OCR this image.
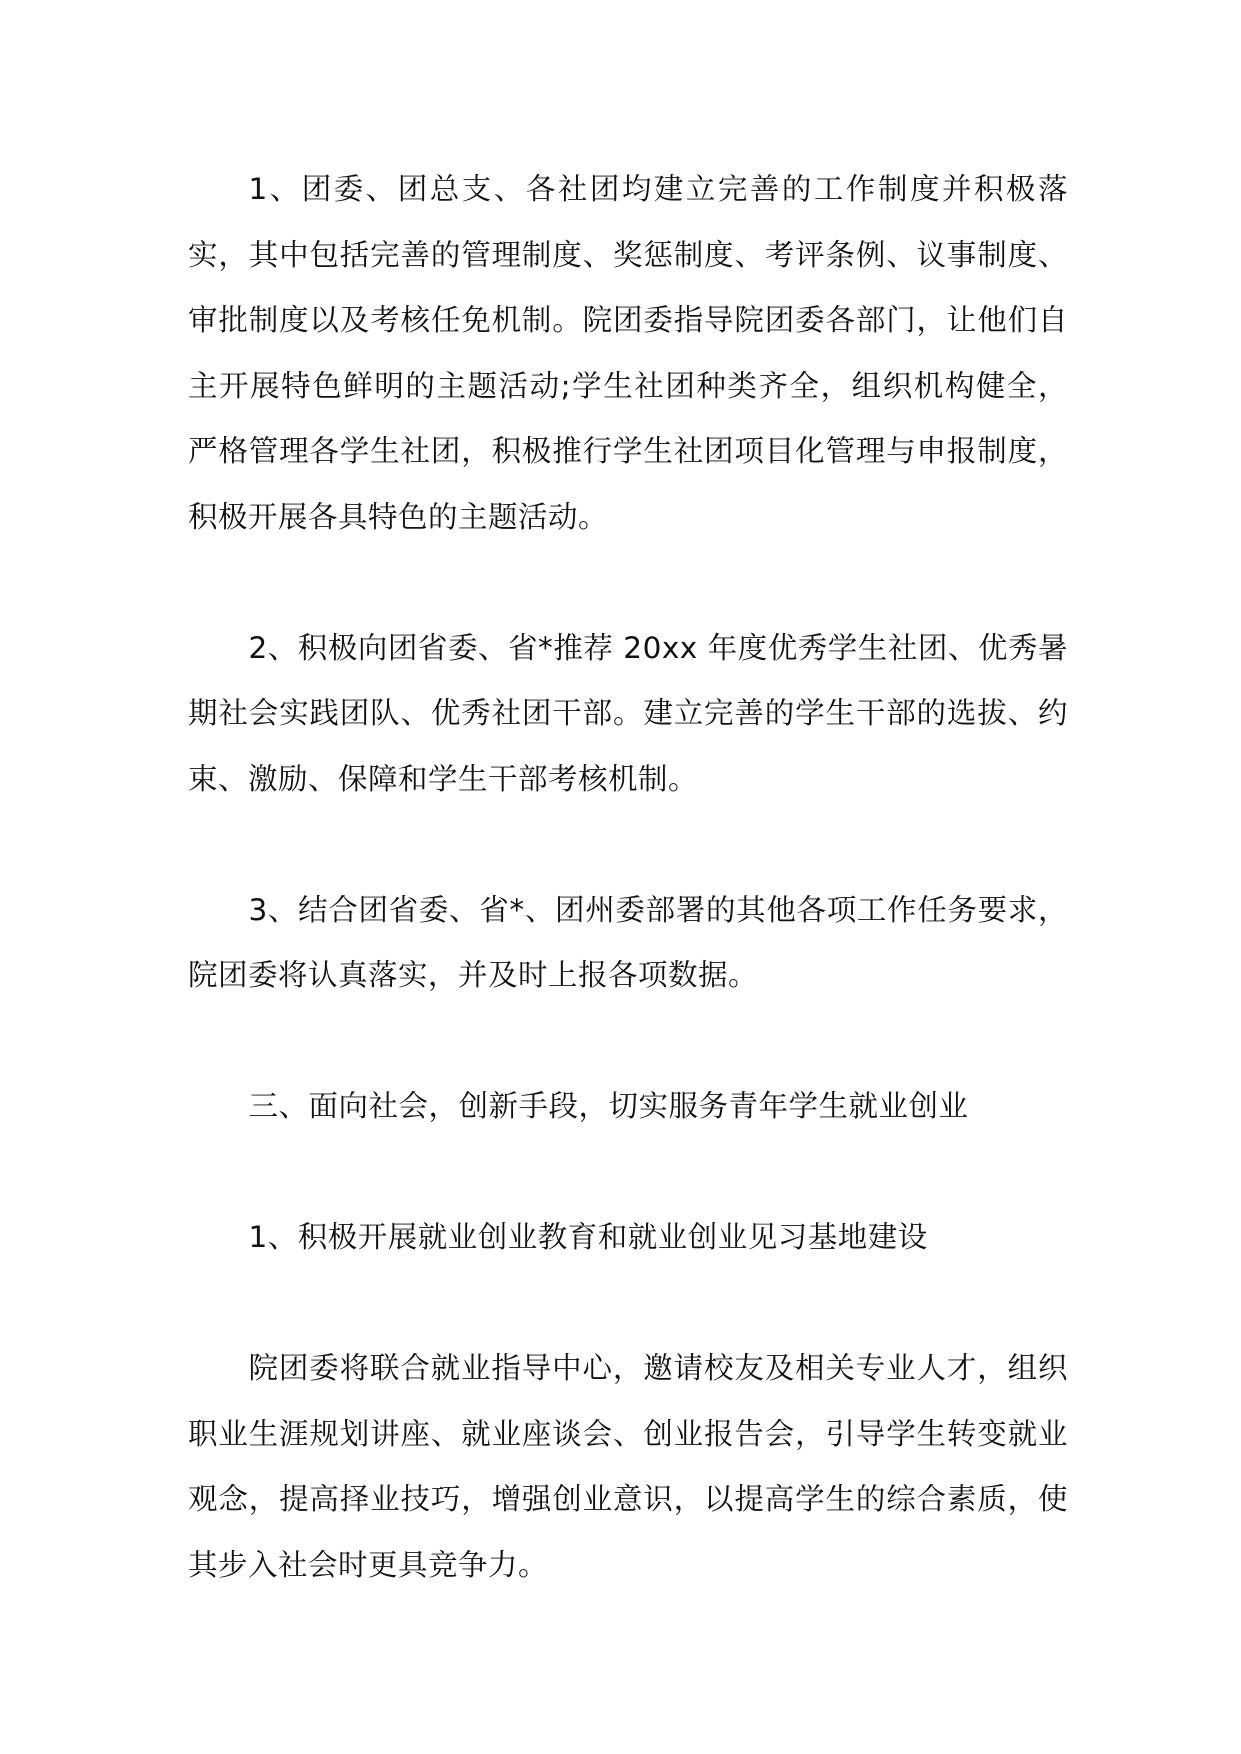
1、团委、团总支、各社团均建立完善的工作制度并积极落实，其中包括完善的管理制度、奖惩制度、考评条例、议事制度、审批制度以及考核任免机制。院团委指导院团委各部门，让他们自主开展特色鲜明的主题活动;学生社团种类齐全，组织机构健全，严格管理各学生社团，积极推行学生社团项目化管理与申报制度，积极开展各具特色的主题活动。

2、积极向团省委、省*推荐 20xx 年度优秀学生社团、优秀暑期社会实践团队、优秀社团干部。建立完善的学生干部的选拔、约束、激励、保障和学生干部考核机制。

3、结合团省委、省*、团州委部署的其他各项工作任务要求，院团委将认真落实，并及时上报各项数据。

三、面向社会，创新手段，切实服务青年学生就业创业

1、积极开展就业创业教育和就业创业见习基地建设

院团委将联合就业指导中心，邀请校友及相关专业人才，组织职业生涯规划讲座、就业座谈会、创业报告会，引导学生转变就业观念，提高择业技巧，增强创业意识，以提高学生的综合素质，使其步入社会时更具竞争力。
